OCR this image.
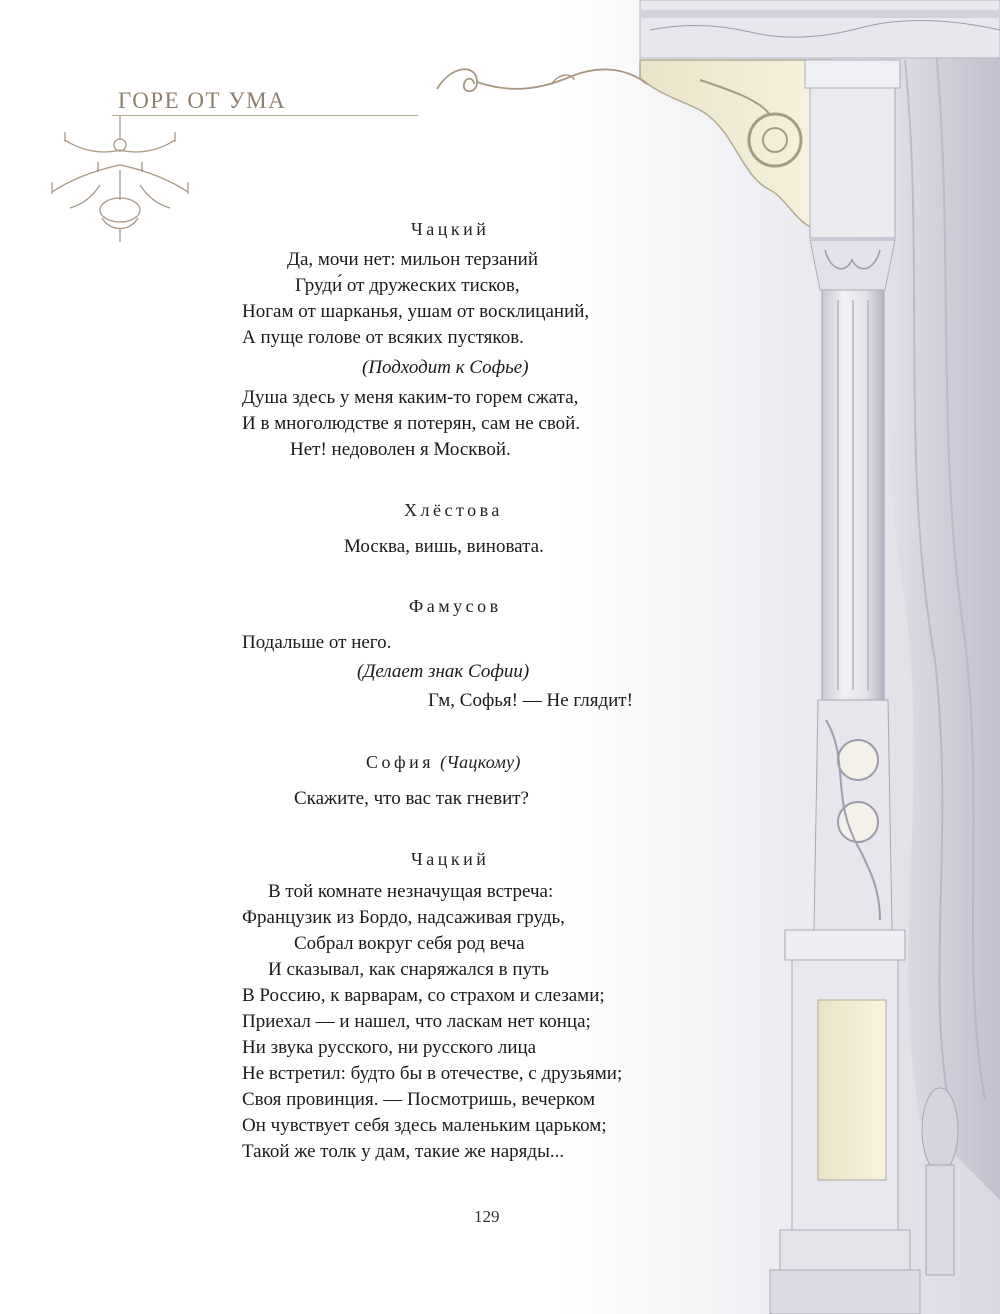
ГОРЕ ОТ УМА
Чацкий
Да, мочи нет: мильон терзаний
Груди́ от дружеских тисков,
Ногам от шарканья, ушам от восклицаний,
А пуще голове от всяких пустяков.
(Подходит к Софье)
Душа здесь у меня каким-то горем сжата,
И в многолюдстве я потерян, сам не свой.
Нет! недоволен я Москвой.
Хлёстова
Москва, вишь, виновата.
Фамусов
Подальше от него.
(Делает знак Софии)
Гм, Софья! — Не глядит!
София (Чацкому)
Скажите, что вас так гневит?
Чацкий
В той комнате незначущая встреча:
Французик из Бордо, надсаживая грудь,
Собрал вокруг себя род веча
И сказывал, как снаряжался в путь
В Россию, к варварам, со страхом и слезами;
Приехал — и нашел, что ласкам нет конца;
Ни звука русского, ни русского лица
Не встретил: будто бы в отечестве, с друзьями;
Своя провинция. — Посмотришь, вечерком
Он чувствует себя здесь маленьким царьком;
Такой же толк у дам, такие же наряды...
129
